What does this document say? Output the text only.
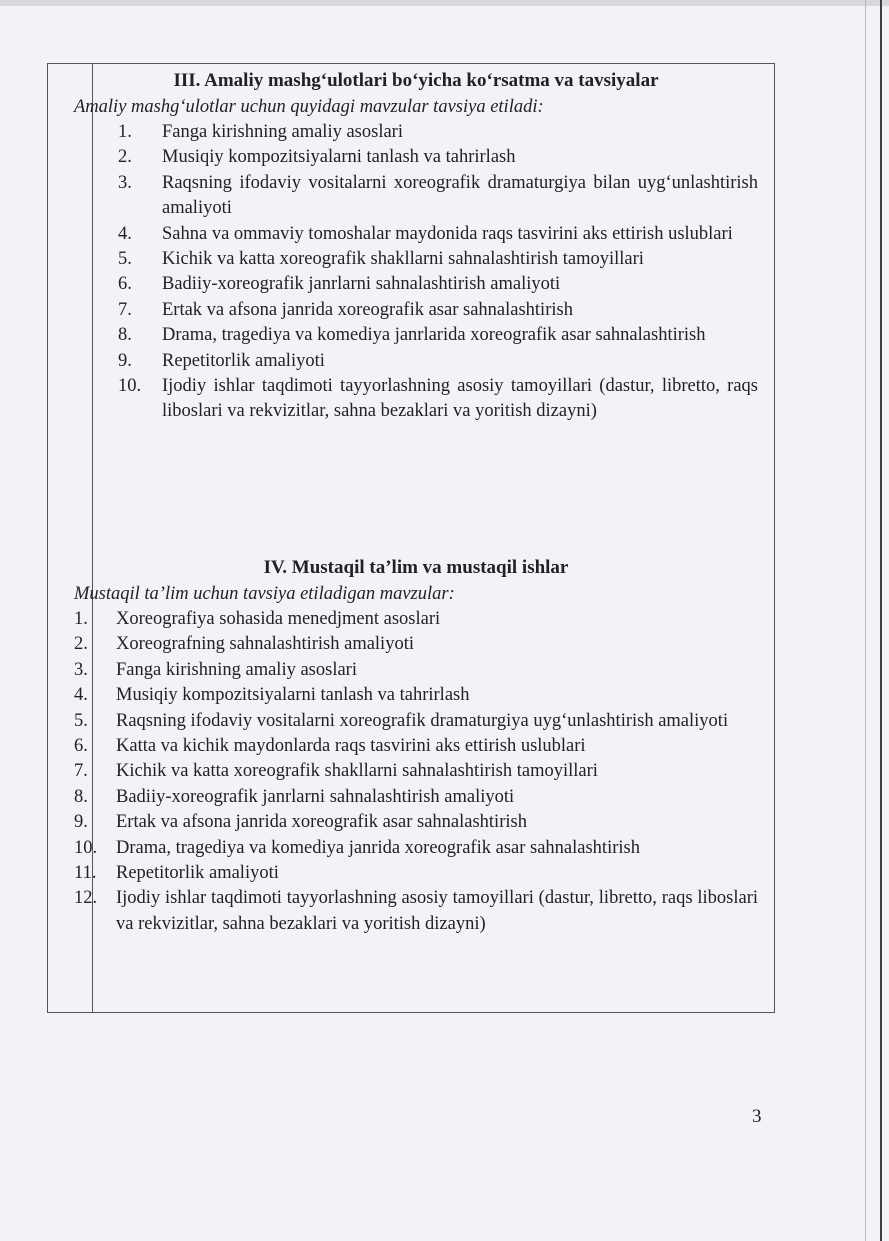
III. Amaliy mashg‘ulotlari bo‘yicha ko‘rsatma va tavsiyalar

Amaliy mashg‘ulotlar uchun quyidagi mavzular tavsiya etiladi:

1. Fanga kirishning amaliy asoslari
2. Musiqiy kompozitsiyalarni tanlash va tahrirlash
3. Raqsning ifodaviy vositalarni xoreografik dramaturgiya bilan uyg‘unlashtirish amaliyoti
4. Sahna va ommaviy tomoshalar maydonida raqs tasvirini aks ettirish uslublari
5. Kichik va katta xoreografik shakllarni sahnalashtirish tamoyillari
6. Badiiy-xoreografik janrlarni sahnalashtirish amaliyoti
7. Ertak va afsona janrida xoreografik asar sahnalashtirish
8. Drama, tragediya va komediya janrlarida xoreografik asar sahnalashtirish
9. Repetitorlik amaliyoti
10. Ijodiy ishlar taqdimoti tayyorlashning asosiy tamoyillari (dastur, libretto, raqs liboslari va rekvizitlar, sahna bezaklari va yoritish dizayni)

IV. Mustaqil ta’lim va mustaqil ishlar

Mustaqil ta’lim uchun tavsiya etiladigan mavzular:

1. Xoreografiya sohasida menedjment asoslari
2. Xoreografning sahnalashtirish amaliyoti
3. Fanga kirishning amaliy asoslari
4. Musiqiy kompozitsiyalarni tanlash va tahrirlash
5. Raqsning ifodaviy vositalarni xoreografik dramaturgiya uyg‘unlashtirish amaliyoti
6. Katta va kichik maydonlarda raqs tasvirini aks ettirish uslublari
7. Kichik va katta xoreografik shakllarni sahnalashtirish tamoyillari
8. Badiiy-xoreografik janrlarni sahnalashtirish amaliyoti
9. Ertak va afsona janrida xoreografik asar sahnalashtirish
10. Drama, tragediya va komediya janrida xoreografik asar sahnalashtirish
11. Repetitorlik amaliyoti
12. Ijodiy ishlar taqdimoti tayyorlashning asosiy tamoyillari (dastur, libretto, raqs liboslari va rekvizitlar, sahna bezaklari va yoritish dizayni)
3
